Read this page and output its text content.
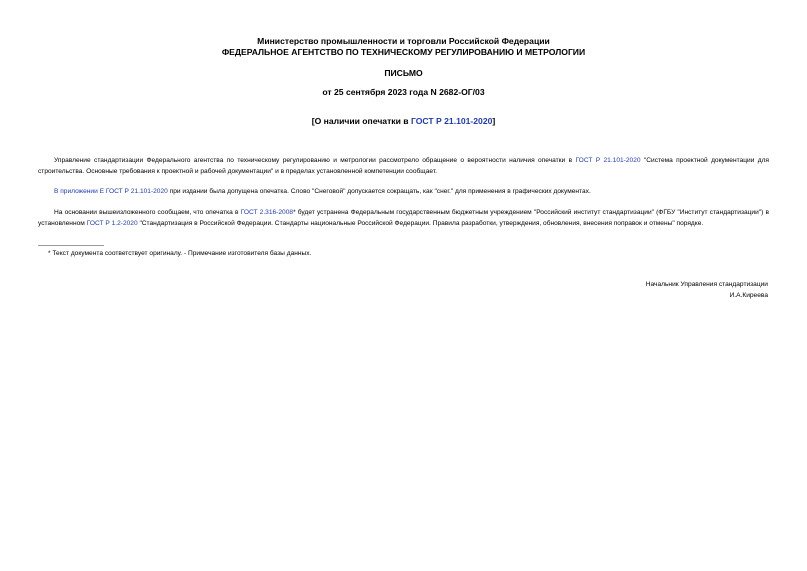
Министерство промышленности и торговли Российской Федерации
ФЕДЕРАЛЬНОЕ АГЕНТСТВО ПО ТЕХНИЧЕСКОМУ РЕГУЛИРОВАНИЮ И МЕТРОЛОГИИ
ПИСЬМО
от 25 сентября 2023 года N 2682-ОГ/03
[О наличии опечатки в ГОСТ Р 21.101-2020]
Управление стандартизации Федерального агентства по техническому регулированию и метрологии рассмотрело обращение о вероятности наличия опечатки в ГОСТ Р 21.101-2020 "Система проектной документации для строительства. Основные требования к проектной и рабочей документации" и в пределах установленной компетенции сообщает.
В приложении Е ГОСТ Р 21.101-2020 при издании была допущена опечатка. Слово "Снеговой" допускается сокращать, как "снег." для применения в графических документах.
На основании вышеизложенного сообщаем, что опечатка в ГОСТ 2.316-2008* будет устранена Федеральным государственным бюджетным учреждением "Российский институт стандартизации" (ФГБУ "Институт стандартизации") в установленном ГОСТ Р 1.2-2020 "Стандартизация в Российской Федерации. Стандарты национальные Российской Федерации. Правила разработки, утверждения, обновления, внесения поправок и отмены" порядке.
* Текст документа соответствует оригиналу. - Примечание изготовителя базы данных.
Начальник Управления стандартизации
И.А.Киреева
